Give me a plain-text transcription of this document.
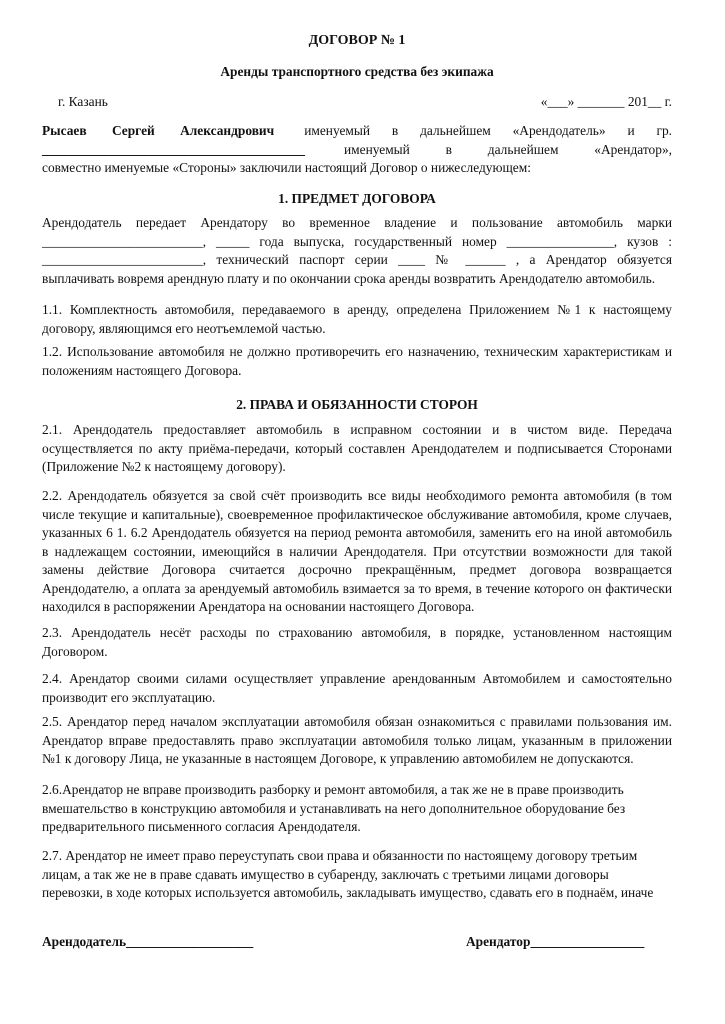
ДОГОВОР № 1
Аренды транспортного средства без экипажа
г. Казань	«___» _______ 201__ г.
Рысаев Сергей Александрович именуемый в дальнейшем «Арендодатель» и гр.
______________________________________________	именуемый в дальнейшем «Арендатор»,
совместно именуемые «Стороны» заключили настоящий Договор о нижеследующем:
1. ПРЕДМЕТ ДОГОВОРА
Арендодатель передает Арендатору во временное владение и пользование автомобиль марки
________________________, _____ года выпуска, государственный номер ________________, кузов :
________________________, технический паспорт серии ____ № ______ , а Арендатор обязуется
выплачивать вовремя арендную плату и по окончании срока аренды возвратить Арендодателю автомобиль.
1.1. Комплектность автомобиля, передаваемого в аренду, определена Приложением №1 к настоящему
договору, являющимся его неотъемлемой частью.
1.2. Использование автомобиля не должно противоречить его назначению, техническим характеристикам и
положениям настоящего Договора.
2. ПРАВА И ОБЯЗАННОСТИ СТОРОН
2.1. Арендодатель предоставляет автомобиль в исправном состоянии и в чистом виде. Передача
осуществляется по акту приёма-передачи, который составлен Арендодателем и подписывается Сторонами
(Приложение №2 к настоящему договору).
2.2. Арендодатель обязуется за свой счёт производить все виды необходимого ремонта автомобиля (в том
числе текущие и капитальные), своевременное профилактическое обслуживание автомобиля, кроме случаев,
указанных 6 1. 6.2 Арендодатель обязуется на период ремонта автомобиля, заменить его на иной автомобиль
в надлежащем состоянии, имеющийся в наличии Арендодателя. При отсутствии возможности для такой
замены действие Договора считается досрочно прекращённым, предмет договора возвращается
Арендодателю, а оплата за арендуемый автомобиль взимается за то время, в течение которого он фактически
находился в распоряжении Арендатора на основании настоящего Договора.
2.3. Арендодатель несёт расходы по страхованию автомобиля, в порядке, установленном настоящим
Договором.
2.4. Арендатор своими силами осуществляет управление арендованным Автомобилем и самостоятельно
производит его эксплуатацию.
2.5. Арендатор перед началом эксплуатации автомобиля обязан ознакомиться с правилами пользования им.
Арендатор вправе предоставлять право эксплуатации автомобиля только лицам, указанным в приложении
№1 к договору Лица, не указанные в настоящем Договоре, к управлению автомобилем не допускаются.
2.6.Арендатор не вправе производить разборку и ремонт автомобиля, а так же не в праве производить
вмешательство в конструкцию автомобиля и устанавливать на него дополнительное оборудование без
предварительного письменного согласия Арендодателя.
2.7. Арендатор не имеет право переуступать свои права и обязанности по настоящему договору третьим
лицам, а так же не в праве сдавать имущество в субаренду, заключать с третьими лицами договоры
перевозки, в ходе которых используется автомобиль, закладывать имущество, сдавать его в поднаём, иначе
Арендодатель___________________	Арендатор_________________
